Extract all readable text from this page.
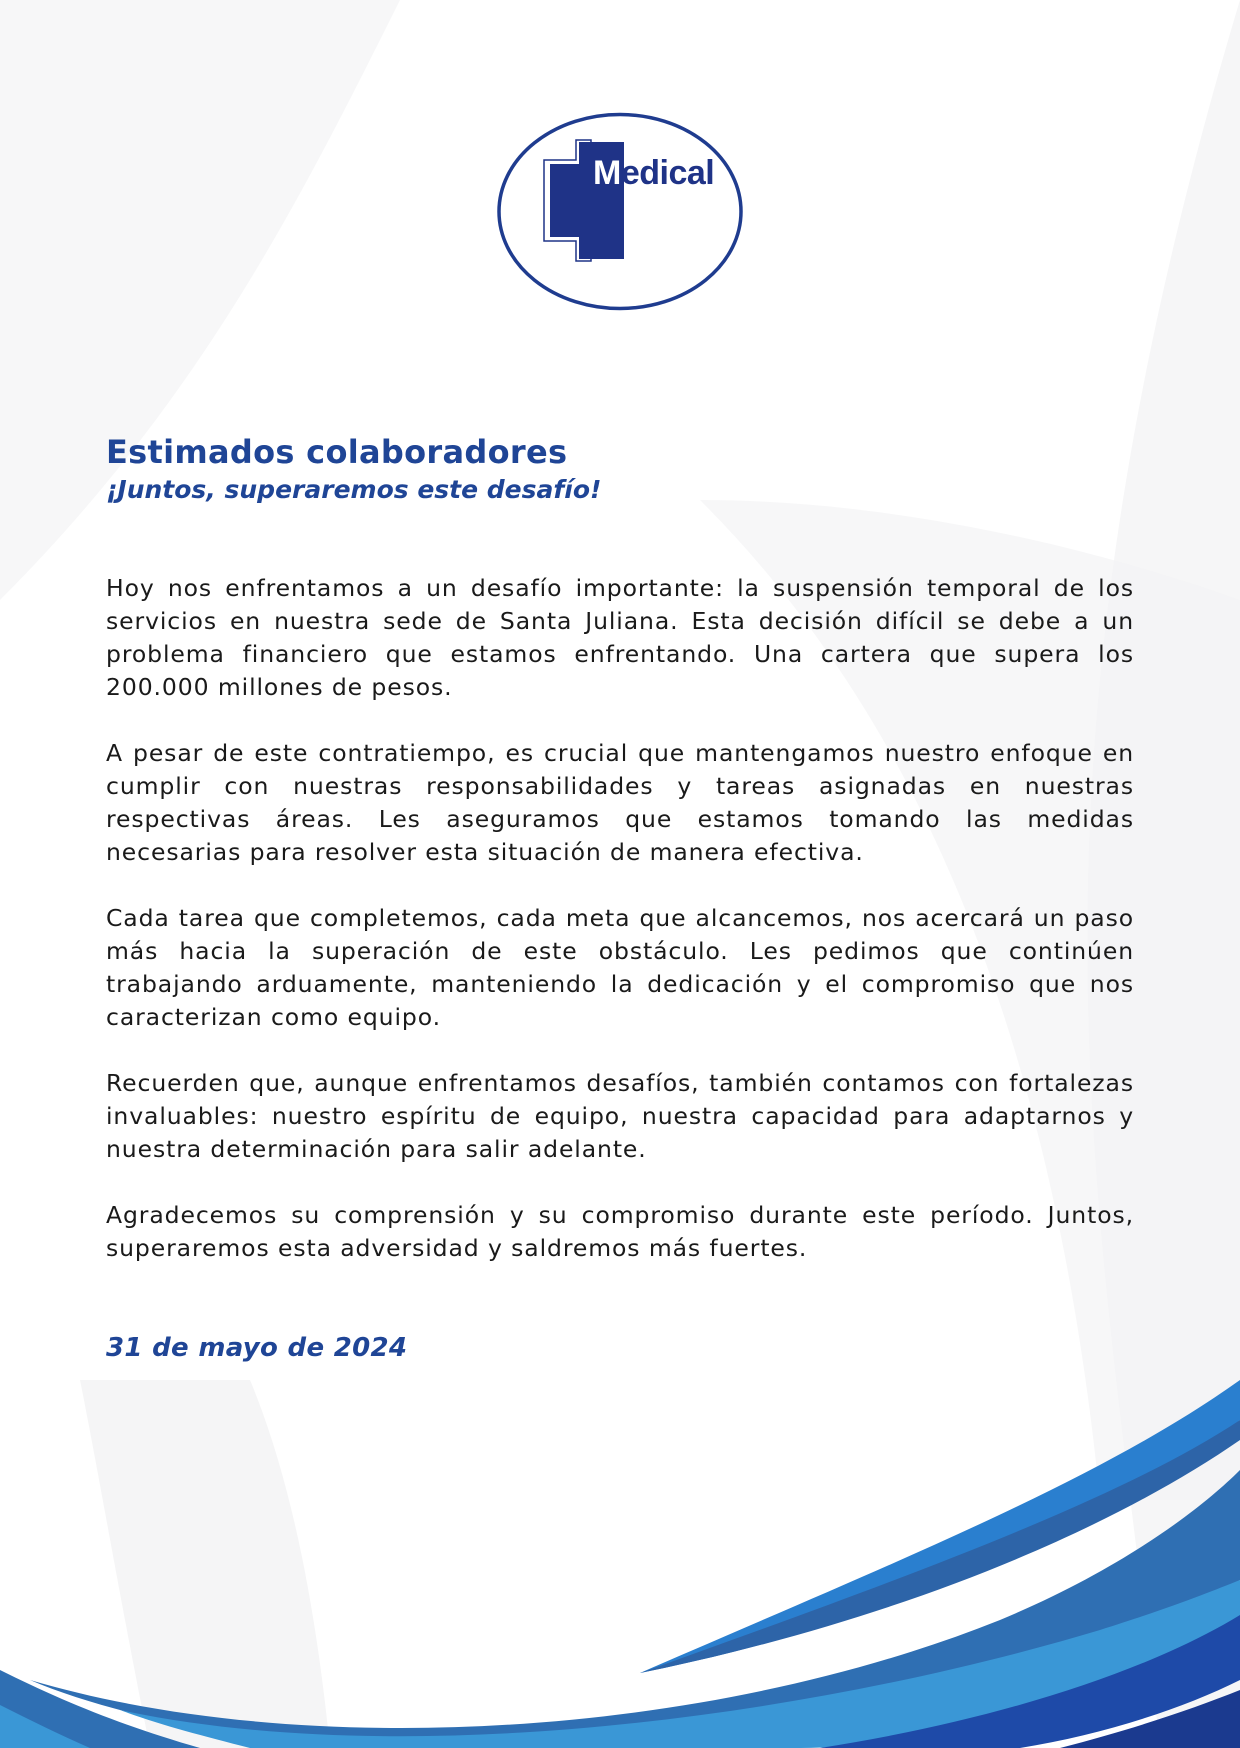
Medical
Estimados colaboradores
¡Juntos, superaremos este desafío!

Hoy nos enfrentamos a un desafío importante: la suspensión temporal de los servicios en nuestra sede de Santa Juliana. Esta decisión difícil se debe a un problema financiero que estamos enfrentando. Una cartera que supera los 200.000 millones de pesos.

A pesar de este contratiempo, es crucial que mantengamos nuestro enfoque en cumplir con nuestras responsabilidades y tareas asignadas en nuestras respectivas áreas. Les aseguramos que estamos tomando las medidas necesarias para resolver esta situación de manera efectiva.

Cada tarea que completemos, cada meta que alcancemos, nos acercará un paso más hacia la superación de este obstáculo. Les pedimos que continúen trabajando arduamente, manteniendo la dedicación y el compromiso que nos caracterizan como equipo.

Recuerden que, aunque enfrentamos desafíos, también contamos con fortalezas invaluables: nuestro espíritu de equipo, nuestra capacidad para adaptarnos y nuestra determinación para salir adelante.

Agradecemos su comprensión y su compromiso durante este período. Juntos, superaremos esta adversidad y saldremos más fuertes.

31 de mayo de 2024
